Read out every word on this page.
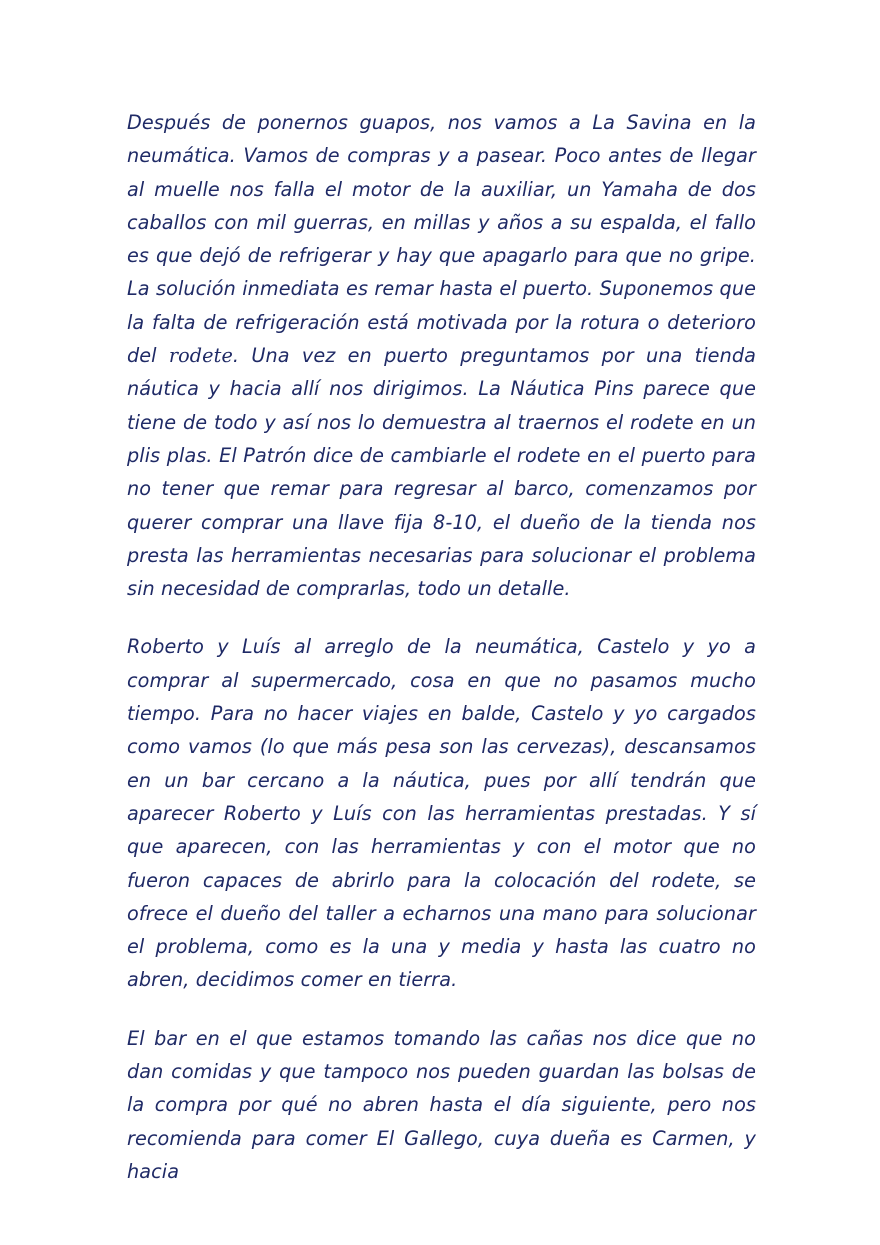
Después de ponernos guapos, nos vamos a La Savina en la neumática. Vamos de compras y a pasear. Poco antes de llegar al muelle nos falla el motor de la auxiliar, un Yamaha de dos caballos con mil guerras, en millas y años a su espalda, el fallo es que dejó de refrigerar y hay que apagarlo para que no gripe. La solución inmediata es remar hasta el puerto. Suponemos que la falta de refrigeración está motivada por la rotura o deterioro del rodete. Una vez en puerto preguntamos por una tienda náutica y hacia allí nos dirigimos. La Náutica Pins parece que tiene de todo y así nos lo demuestra al traernos el rodete en un plis plas. El Patrón dice de cambiarle el rodete en el puerto para no tener que remar para regresar al barco, comenzamos por querer comprar una llave fija 8-10, el dueño de la tienda nos presta las herramientas necesarias para solucionar el problema sin necesidad de comprarlas, todo un detalle.

Roberto y Luís al arreglo de la neumática, Castelo y yo a comprar al supermercado, cosa en que no pasamos mucho tiempo. Para no hacer viajes en balde, Castelo y yo cargados como vamos (lo que más pesa son las cervezas), descansamos en un bar cercano a la náutica, pues por allí tendrán que aparecer Roberto y Luís con las herramientas prestadas. Y sí que aparecen, con las herramientas y con el motor que no fueron capaces de abrirlo para la colocación del rodete, se ofrece el dueño del taller a echarnos una mano para solucionar el problema, como es la una y media y hasta las cuatro no abren, decidimos comer en tierra.

El bar en el que estamos tomando las cañas nos dice que no dan comidas y que tampoco nos pueden guardan las bolsas de la compra por qué no abren hasta el día siguiente, pero nos recomienda para comer El Gallego, cuya dueña es Carmen, y hacia
